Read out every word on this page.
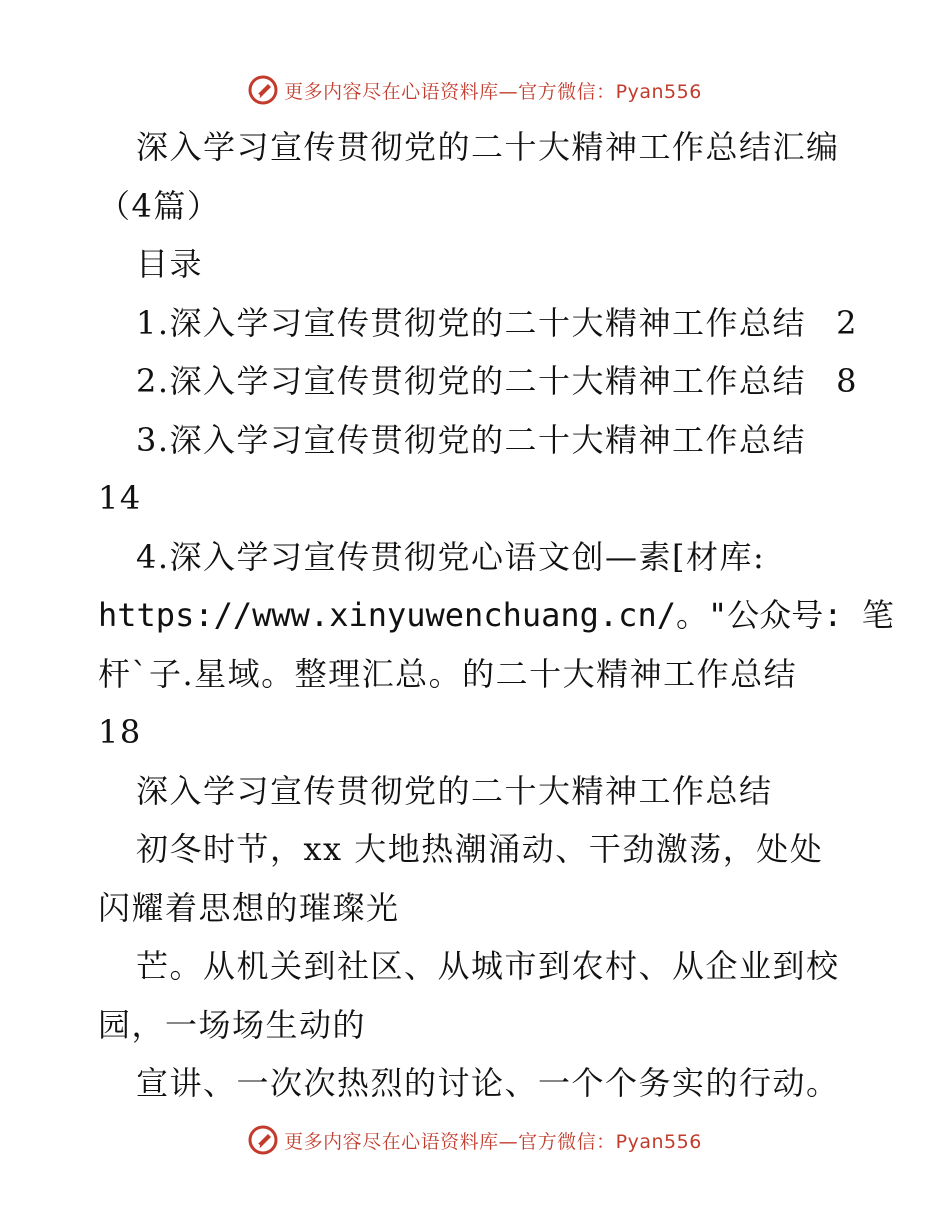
更多内容尽在心语资料库—官方微信：Pyan556
深入学习宣传贯彻党的二十大精神工作总结汇编
（4篇）
目录
1.深入学习宣传贯彻党的二十大精神工作总结 2
2.深入学习宣传贯彻党的二十大精神工作总结 8
3.深入学习宣传贯彻党的二十大精神工作总结
14
4.深入学习宣传贯彻党心语文创—素[材库:
https://www.xinyuwenchuang.cn/。"公众号: 笔
杆`子.星域。整理汇总。的二十大精神工作总结
18
深入学习宣传贯彻党的二十大精神工作总结
初冬时节，xx 大地热潮涌动、干劲激荡，处处
闪耀着思想的璀璨光
芒。从机关到社区、从城市到农村、从企业到校
园，一场场生动的
宣讲、一次次热烈的讨论、一个个务实的行动。
更多内容尽在心语资料库—官方微信：Pyan556
